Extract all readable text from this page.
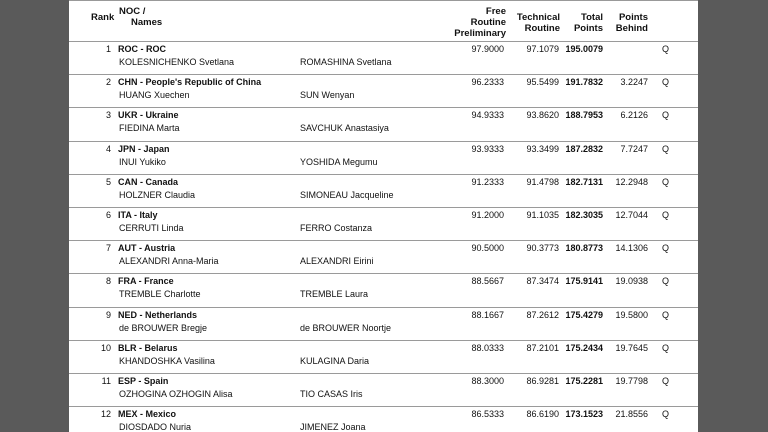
Rank
NOC /
Names
Free
Routine
Preliminary
Technical
Routine
Total
Points
Points
Behind
1 ROC - ROC
KOLESNICHENKO Svetlana	ROMASHINA Svetlana
97.9000	97.1079 195.0079	Q
2 CHN - People's Republic of China
HUANG Xuechen	SUN Wenyan
96.2333	95.5499 191.7832	3.2247 Q
3 UKR - Ukraine
FIEDINA Marta	SAVCHUK Anastasiya
94.9333	93.8620 188.7953	6.2126 Q
4 JPN - Japan
INUI Yukiko	YOSHIDA Megumu
93.9333	93.3499 187.2832	7.7247 Q
5 CAN - Canada
HOLZNER Claudia	SIMONEAU Jacqueline
91.2333	91.4798 182.7131	12.2948 Q
6 ITA - Italy
CERRUTI Linda	FERRO Costanza
91.2000	91.1035 182.3035	12.7044 Q
7 AUT - Austria
ALEXANDRI Anna-Maria	ALEXANDRI Eirini
90.5000	90.3773 180.8773	14.1306 Q
8 FRA - France
TREMBLE Charlotte	TREMBLE Laura
88.5667	87.3474 175.9141	19.0938 Q
9 NED - Netherlands
de BROUWER Bregje	de BROUWER Noortje
88.1667	87.2612 175.4279	19.5800 Q
10 BLR - Belarus
KHANDOSHKA Vasilina	KULAGINA Daria
88.0333	87.2101 175.2434	19.7645 Q
11 ESP - Spain
OZHOGINA OZHOGIN Alisa	TIO CASAS Iris
88.3000	86.9281 175.2281	19.7798 Q
12 MEX - Mexico
DIOSDADO Nuria	JIMENEZ Joana
86.5333	86.6190 173.1523	21.8556 Q
